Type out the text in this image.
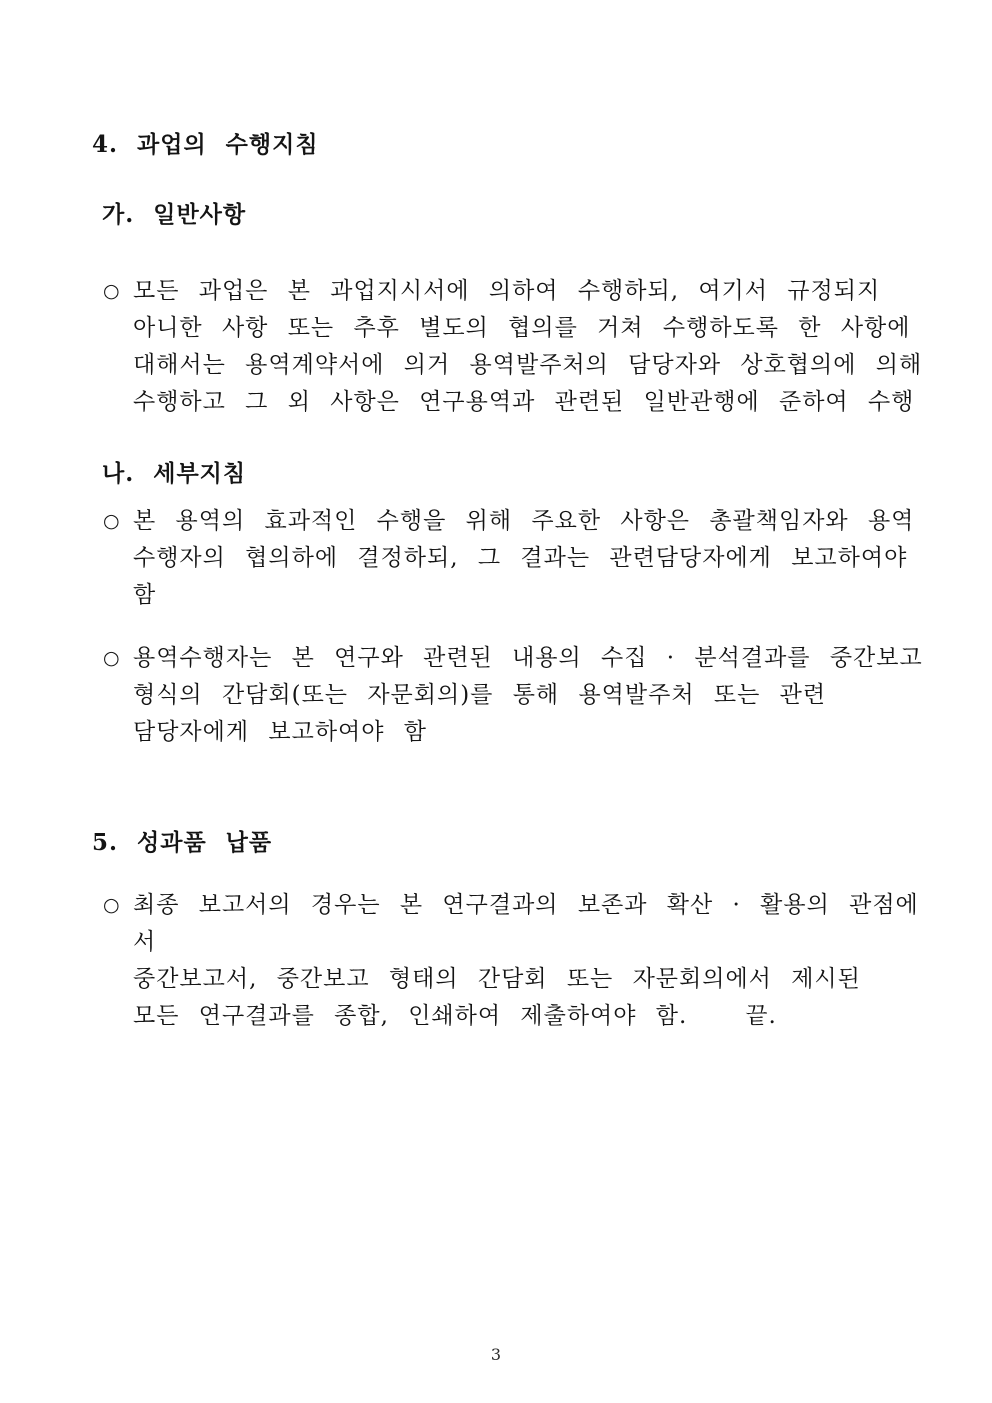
4. 과업의 수행지침
가. 일반사항
○ 모든 과업은 본 과업지시서에 의하여 수행하되, 여기서 규정되지
아니한 사항 또는 추후 별도의 협의를 거쳐 수행하도록 한 사항에
대해서는 용역계약서에 의거 용역발주처의 담당자와 상호협의에 의해
수행하고 그 외 사항은 연구용역과 관련된 일반관행에 준하여 수행
나. 세부지침
○ 본 용역의 효과적인 수행을 위해 주요한 사항은 총괄책임자와 용역
수행자의 협의하에 결정하되, 그 결과는 관련담당자에게 보고하여야 함
○ 용역수행자는 본 연구와 관련된 내용의 수집 · 분석결과를 중간보고
형식의 간담회(또는 자문회의)를 통해 용역발주처 또는 관련
담당자에게 보고하여야 함
5. 성과품 납품
○ 최종 보고서의 경우는 본 연구결과의 보존과 확산 · 활용의 관점에서
중간보고서, 중간보고 형태의 간담회 또는 자문회의에서 제시된
모든 연구결과를 종합, 인쇄하여 제출하여야 함.   끝.
3
